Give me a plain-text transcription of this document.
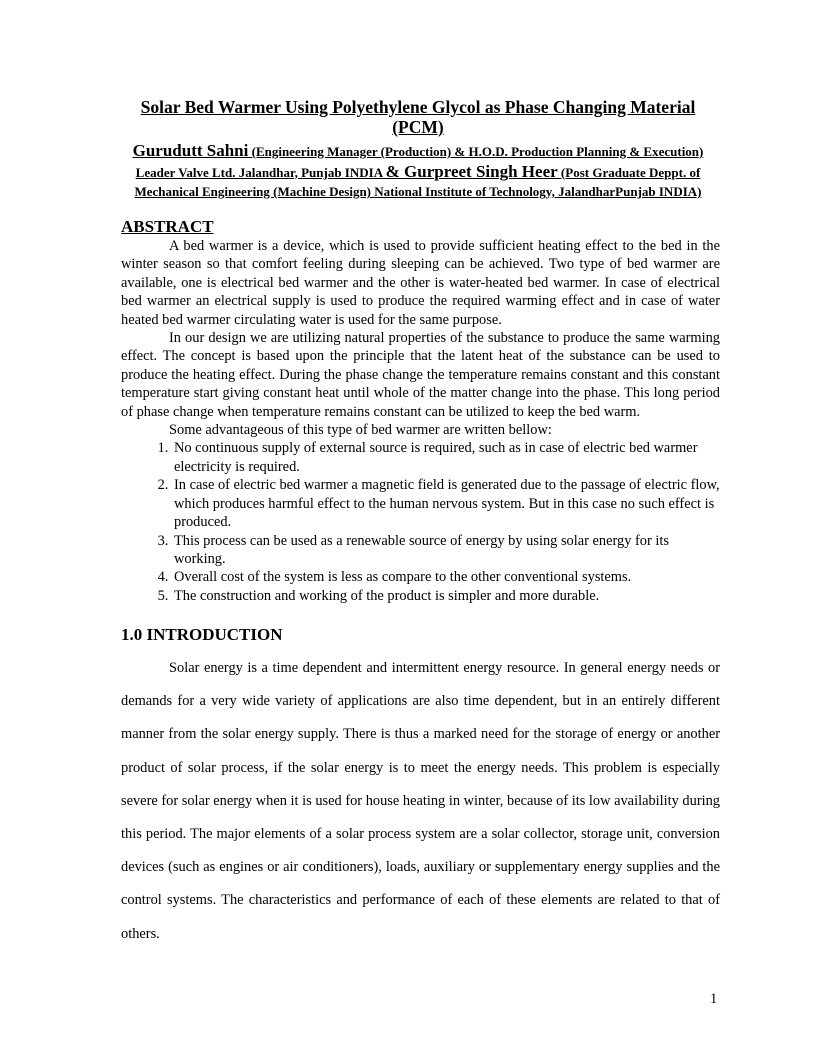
Solar Bed Warmer Using Polyethylene Glycol as Phase Changing Material (PCM)
Gurudutt Sahni (Engineering Manager (Production) & H.O.D. Production Planning & Execution) Leader Valve Ltd. Jalandhar, Punjab INDIA & Gurpreet Singh Heer (Post Graduate Deppt. of Mechanical Engineering (Machine Design) National Institute of Technology, JalandharPunjab INDIA)
ABSTRACT

A bed warmer is a device, which is used to provide sufficient heating effect to the bed in the winter season so that comfort feeling during sleeping can be achieved. Two type of bed warmer are available, one is electrical bed warmer and the other is water-heated bed warmer. In case of electrical bed warmer an electrical supply is used to produce the required warming effect and in case of water heated bed warmer circulating water is used for the same purpose.

In our design we are utilizing natural properties of the substance to produce the same warming effect. The concept is based upon the principle that the latent heat of the substance can be used to produce the heating effect. During the phase change the temperature remains constant and this constant temperature start giving constant heat until whole of the matter change into the phase. This long period of phase change when temperature remains constant can be utilized to keep the bed warm.

Some advantageous of this type of bed warmer are written bellow:

1. No continuous supply of external source is required, such as in case of electric bed warmer electricity is required.
2. In case of electric bed warmer a magnetic field is generated due to the passage of electric flow, which produces harmful effect to the human nervous system. But in this case no such effect is produced.
3. This process can be used as a renewable source of energy by using solar energy for its working.
4. Overall cost of the system is less as compare to the other conventional systems.
5. The construction and working of the product is simpler and more durable.
1.0 INTRODUCTION

Solar energy is a time dependent and intermittent energy resource. In general energy needs or demands for a very wide variety of applications are also time dependent, but in an entirely different manner from the solar energy supply. There is thus a marked need for the storage of energy or another product of solar process, if the solar energy is to meet the energy needs. This problem is especially severe for solar energy when it is used for house heating in winter, because of its low availability during this period. The major elements of a solar process system are a solar collector, storage unit, conversion devices (such as engines or air conditioners), loads, auxiliary or supplementary energy supplies and the control systems. The characteristics and performance of each of these elements are related to that of others.

1
